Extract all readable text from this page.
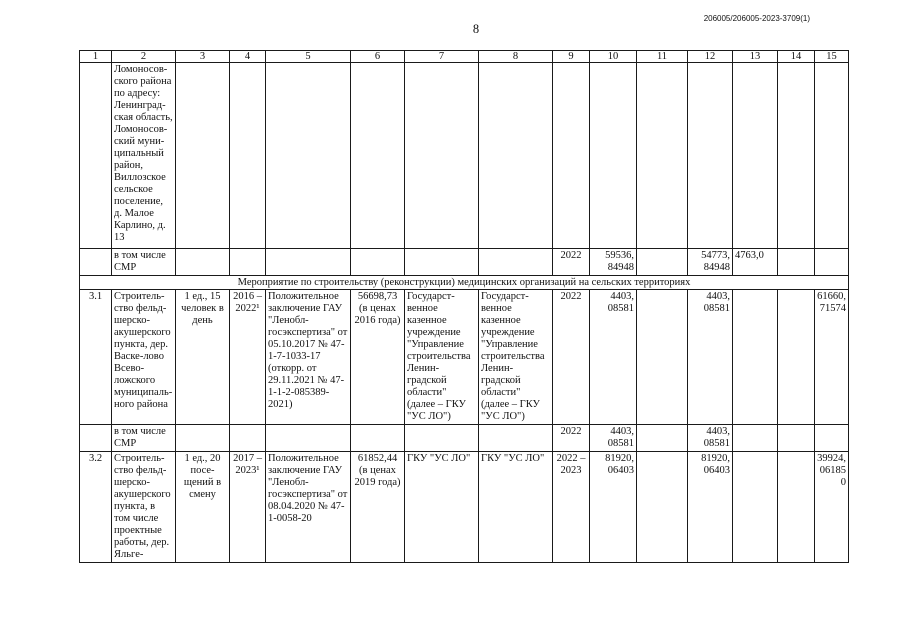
8
206005/206005-2023-3709(1)
1	2	3	4	5	6	7	8	9	10	11	12	13	14	15
	Ломоносов-ского района по адресу: Ленинград-ская область, Ломоносов-ский муни-ципальный район, Виллозское сельское поселение, д. Малое Карлино, д. 13													
	в том числе СМР							2022	59536, 84948		54773, 84948	4763,0		
Мероприятие по строительству (реконструкции) медицинских организаций на сельских территориях														
3.1	Строитель-ство фельд-шерско-акушерского пункта, дер. Васке-лово Всево-ложского муниципаль-ного района	1 ед., 15 человек в день	2016 – 2022¹	Положительное заключение ГАУ "Ленобл-госэкспертиза" от 05.10.2017 № 47-1-7-1033-17 (откорр. от 29.11.2021 № 47-1-1-2-085389-2021)	56698,73 (в ценах 2016 года)	Государст-венное казенное учреждение "Управление строительства Ленин-градской области" (далее – ГКУ "УС ЛО")	Государст-венное казенное учреждение "Управление строительства Ленин-градской области" (далее – ГКУ "УС ЛО")	2022	4403, 08581		4403, 08581			61660, 71574
	в том числе СМР							2022	4403, 08581		4403, 08581			
3.2	Строитель-ство фельд-шерско-акушерского пункта, в том числе проектные работы, дер. Яльге-	1 ед., 20 посе-щений в смену	2017 – 2023¹	Положительное заключение ГАУ "Ленобл-госэкспертиза" от 08.04.2020 № 47-1-0058-20	61852,44 (в ценах 2019 года)	ГКУ "УС ЛО"	ГКУ "УС ЛО"	2022 – 2023	81920, 06403		81920, 06403			39924, 061850
